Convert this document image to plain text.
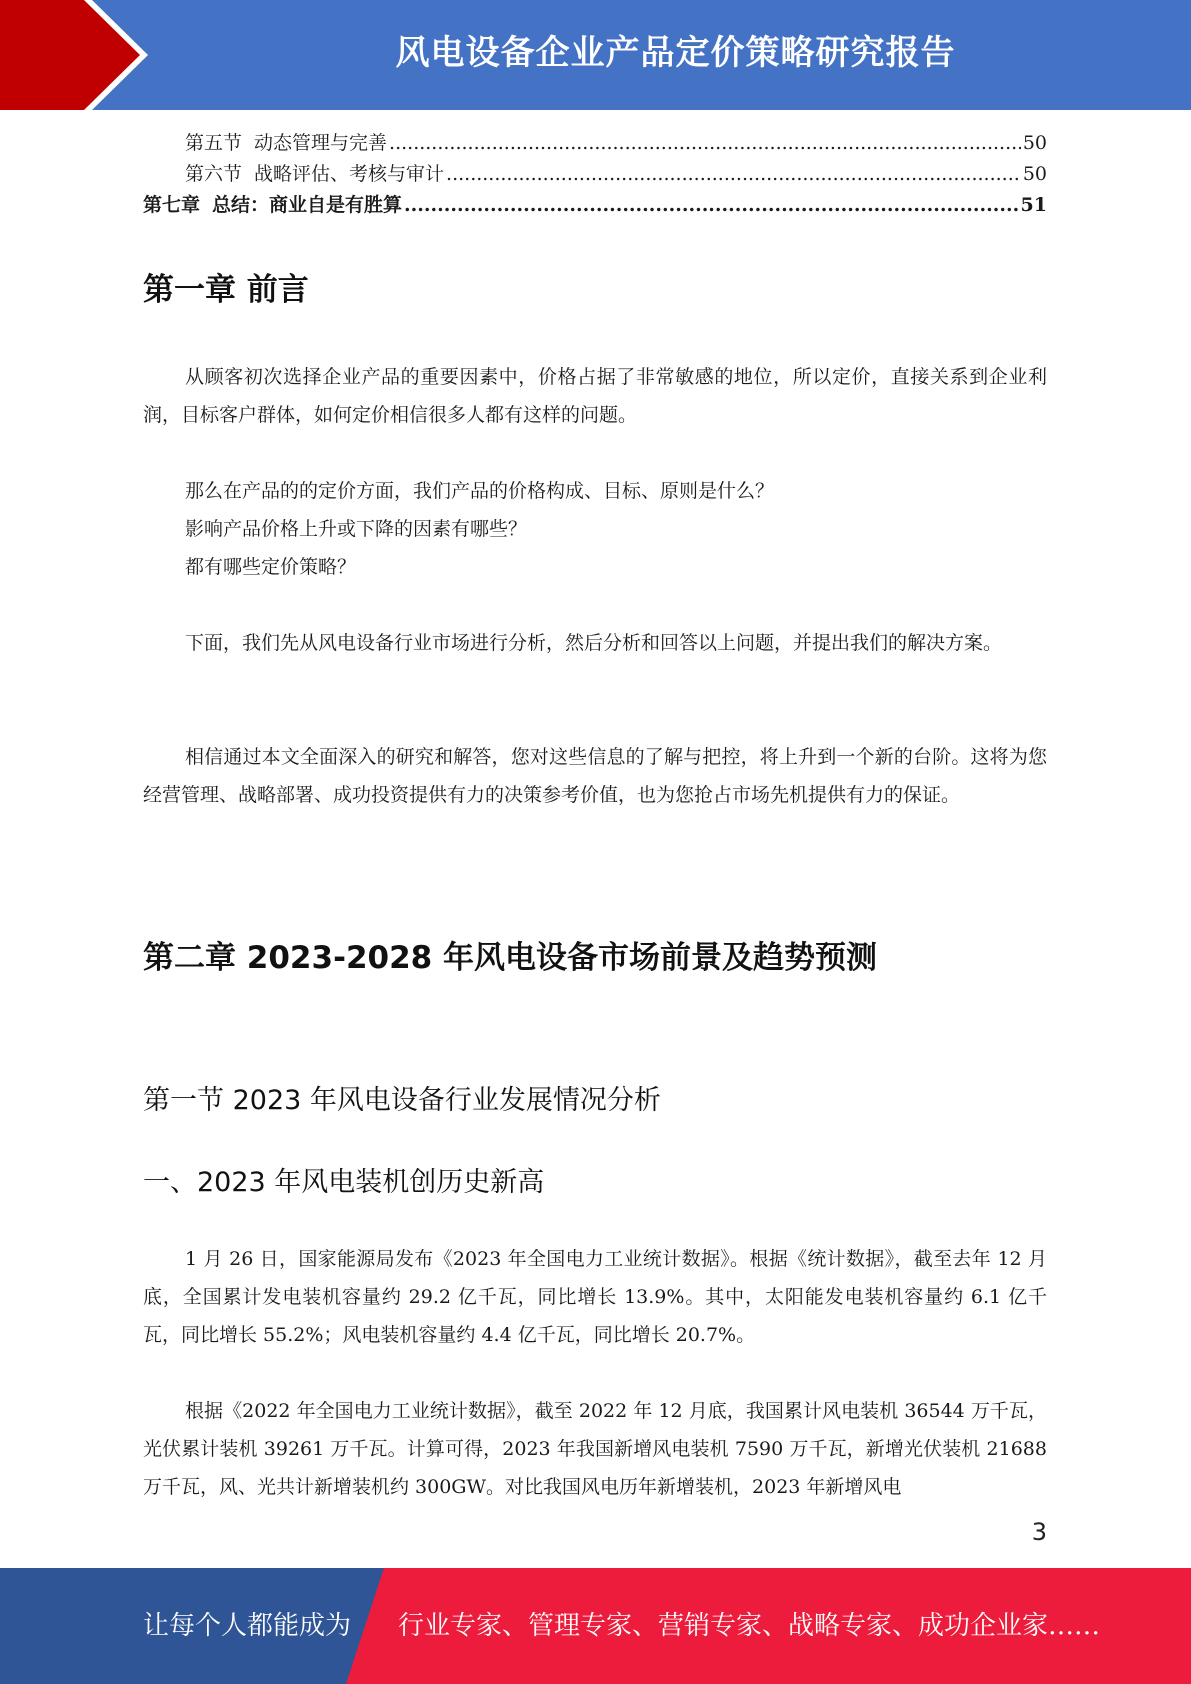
风电设备企业产品定价策略研究报告
第五节 动态管理与完善 .....	50
第六节 战略评估、考核与审计 .....	50
第七章 总结：商业自是有胜算 .....	51
第一章 前言

从顾客初次选择企业产品的重要因素中，价格占据了非常敏感的地位，所以定价，直接关系到企业利润，目标客户群体，如何定价相信很多人都有这样的问题。

那么在产品的的定价方面，我们产品的价格构成、目标、原则是什么？

影响产品价格上升或下降的因素有哪些？

都有哪些定价策略？

下面，我们先从风电设备行业市场进行分析，然后分析和回答以上问题，并提出我们的解决方案。

相信通过本文全面深入的研究和解答，您对这些信息的了解与把控，将上升到一个新的台阶。这将为您经营管理、战略部署、成功投资提供有力的决策参考价值，也为您抢占市场先机提供有力的保证。

第二章 2023-2028 年风电设备市场前景及趋势预测
第一节 2023 年风电设备行业发展情况分析
一、2023 年风电装机创历史新高

1 月 26 日，国家能源局发布《2023 年全国电力工业统计数据》。根据《统计数据》，截至去年 12 月底，全国累计发电装机容量约 29.2 亿千瓦，同比增长 13.9%。其中，太阳能发电装机容量约 6.1 亿千瓦，同比增长 55.2%；风电装机容量约 4.4 亿千瓦，同比增长 20.7%。

根据《2022 年全国电力工业统计数据》，截至 2022 年 12 月底，我国累计风电装机 36544 万千瓦，光伏累计装机 39261 万千瓦。计算可得，2023 年我国新增风电装机 7590 万千瓦，新增光伏装机 21688 万千瓦，风、光共计新增装机约 300GW。对比我国风电历年新增装机，2023 年新增风电

3
让每个人都能成为 行业专家、管理专家、营销专家、战略专家、成功企业家……
